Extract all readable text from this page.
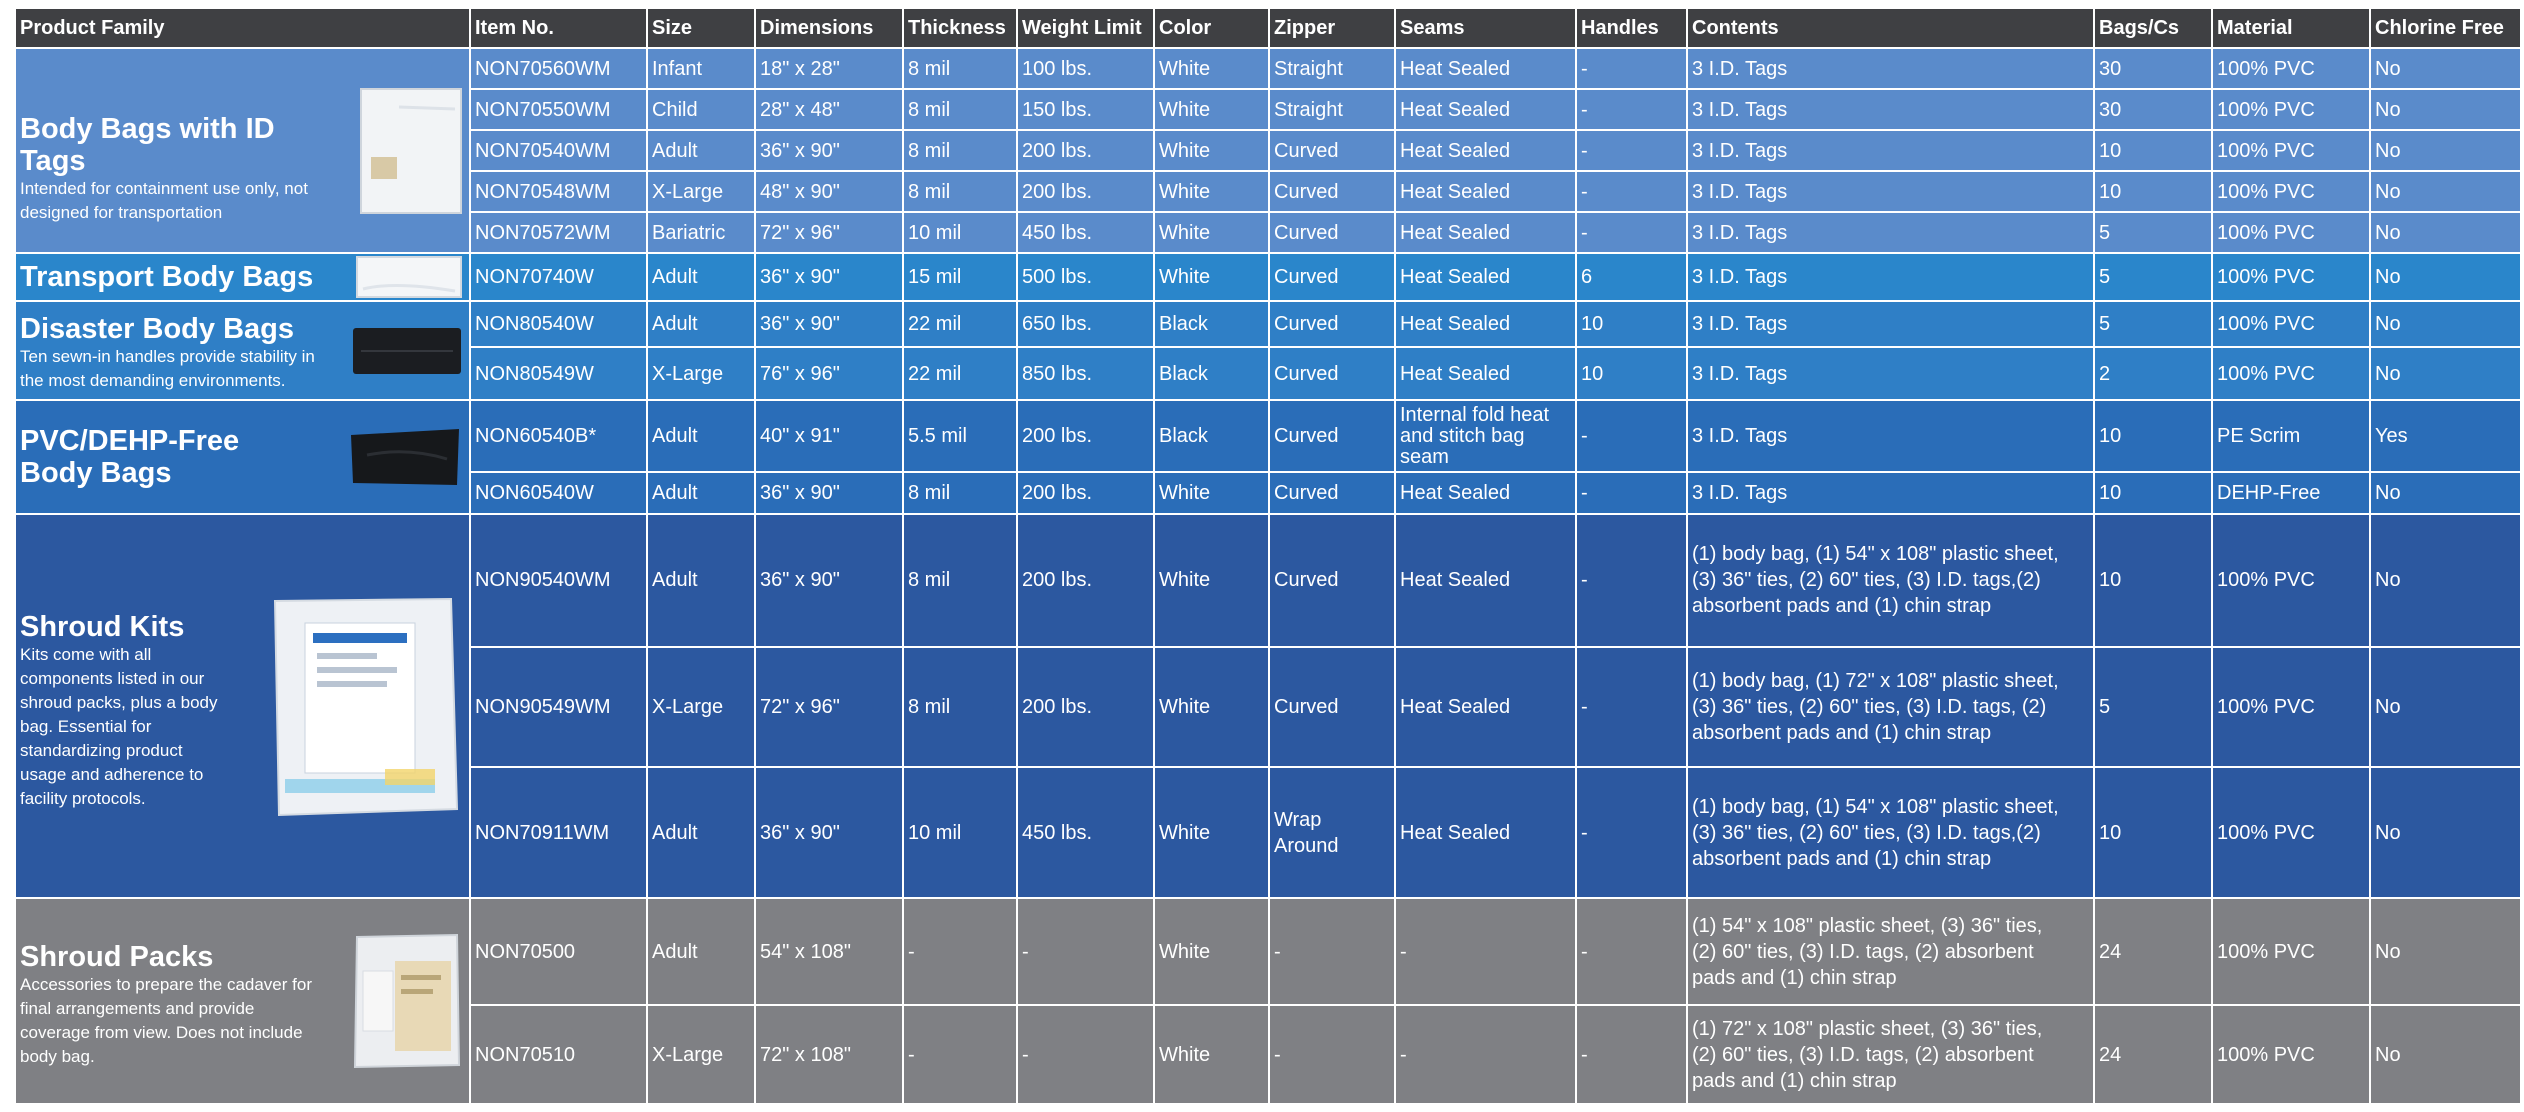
Product Family	Item No.	Size	Dimensions	Thickness	Weight Limit	Color	Zipper	Seams	Handles	Contents	Bags/Cs	Material	Chlorine Free

Body Bags with ID Tags
Intended for containment use only, not designed for transportation	NON70560WM	Infant	18" x 28"	8 mil	100 lbs.	White	Straight	Heat Sealed	-	3 I.D. Tags	30	100% PVC	No
	NON70550WM	Child	28" x 48"	8 mil	150 lbs.	White	Straight	Heat Sealed	-	3 I.D. Tags	30	100% PVC	No
	NON70540WM	Adult	36" x 90"	8 mil	200 lbs.	White	Curved	Heat Sealed	-	3 I.D. Tags	10	100% PVC	No
	NON70548WM	X-Large	48" x 90"	8 mil	200 lbs.	White	Curved	Heat Sealed	-	3 I.D. Tags	10	100% PVC	No
	NON70572WM	Bariatric	72" x 96"	10 mil	450 lbs.	White	Curved	Heat Sealed	-	3 I.D. Tags	5	100% PVC	No

Transport Body Bags	NON70740W	Adult	36" x 90"	15 mil	500 lbs.	White	Curved	Heat Sealed	6	3 I.D. Tags	5	100% PVC	No

Disaster Body Bags
Ten sewn-in handles provide stability in the most demanding environments.	NON80540W	Adult	36" x 90"	22 mil	650 lbs.	Black	Curved	Heat Sealed	10	3 I.D. Tags	5	100% PVC	No
	NON80549W	X-Large	76" x 96"	22 mil	850 lbs.	Black	Curved	Heat Sealed	10	3 I.D. Tags	2	100% PVC	No

PVC/DEHP-Free Body Bags	NON60540B*	Adult	40" x 91"	5.5 mil	200 lbs.	Black	Curved	Internal fold heat and stitch bag seam	-	3 I.D. Tags	10	PE Scrim	Yes
	NON60540W	Adult	36" x 90"	8 mil	200 lbs.	White	Curved	Heat Sealed	-	3 I.D. Tags	10	DEHP-Free	No

Shroud Kits
Kits come with all components listed in our shroud packs, plus a body bag. Essential for standardizing product usage and adherence to facility protocols.	NON90540WM	Adult	36" x 90"	8 mil	200 lbs.	White	Curved	Heat Sealed	-	(1) body bag, (1) 54" x 108" plastic sheet, (3) 36" ties, (2) 60" ties, (3) I.D. tags,(2) absorbent pads and (1) chin strap	10	100% PVC	No
	NON90549WM	X-Large	72" x 96"	8 mil	200 lbs.	White	Curved	Heat Sealed	-	(1) body bag, (1) 72" x 108" plastic sheet, (3) 36" ties, (2) 60" ties, (3) I.D. tags, (2) absorbent pads and (1) chin strap	5	100% PVC	No
	NON70911WM	Adult	36" x 90"	10 mil	450 lbs.	White	Wrap Around	Heat Sealed	-	(1) body bag, (1) 54" x 108" plastic sheet, (3) 36" ties, (2) 60" ties, (3) I.D. tags,(2) absorbent pads and (1) chin strap	10	100% PVC	No

Shroud Packs
Accessories to prepare the cadaver for final arrangements and provide coverage from view. Does not include body bag.	NON70500	Adult	54" x 108"	-	-	White	-	-	-	(1) 54" x 108" plastic sheet, (3) 36" ties, (2) 60" ties, (3) I.D. tags, (2) absorbent pads and (1) chin strap	24	100% PVC	No
	NON70510	X-Large	72" x 108"	-	-	White	-	-	-	(1) 72" x 108" plastic sheet, (3) 36" ties, (2) 60" ties, (3) I.D. tags, (2) absorbent pads and (1) chin strap	24	100% PVC	No
